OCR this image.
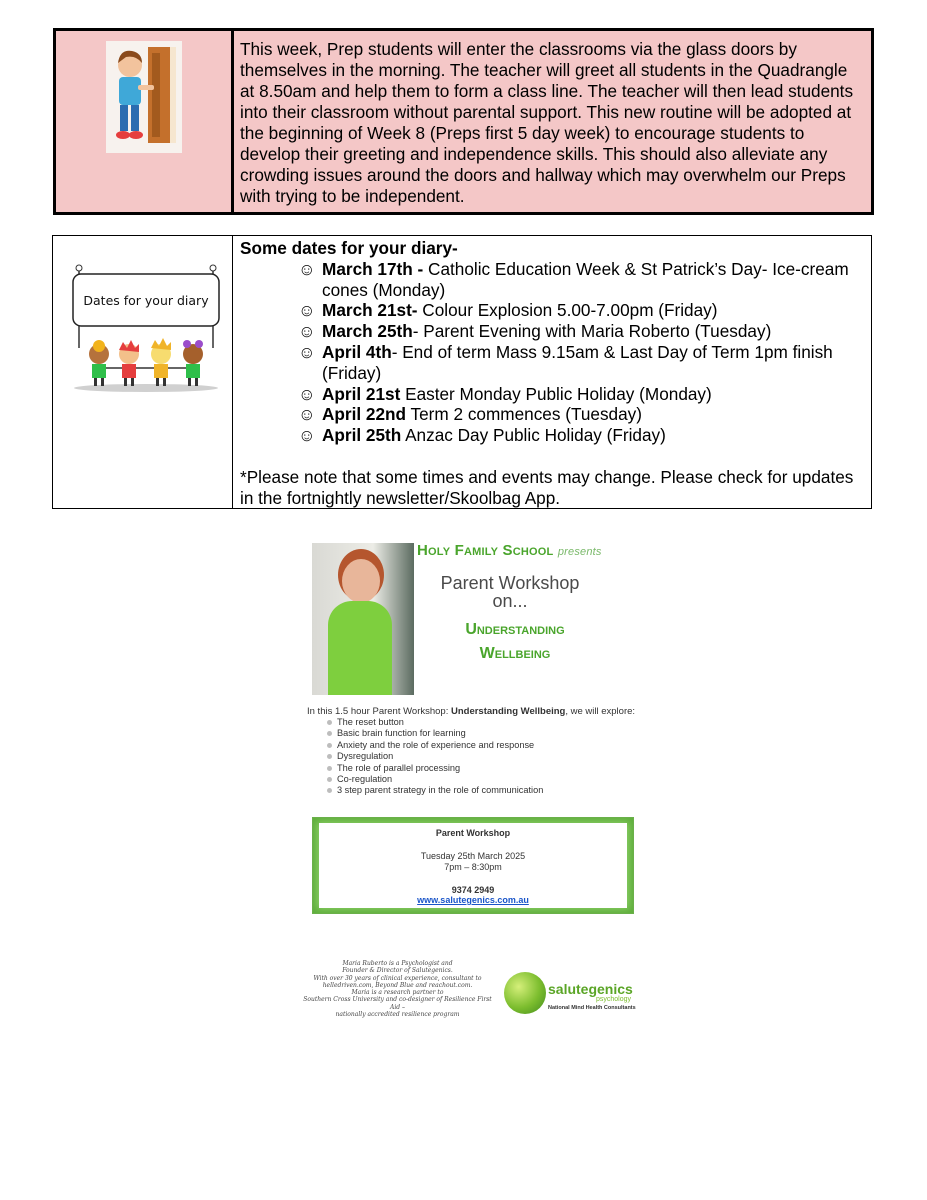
This week, Prep students will enter the classrooms via the glass doors by themselves in the morning. The teacher will greet all students in the Quadrangle at 8.50am and help them to form a class line. The teacher will then lead students into their classroom without parental support. This new routine will be adopted at the beginning of Week 8 (Preps first 5 day week) to encourage students to develop their greeting and independence skills. This should also alleviate any crowding issues around the doors and hallway which may overwhelm our Preps with trying to be independent.
Dates for your diary
Some dates for your diary-
☺ March 17th - Catholic Education Week & St Patrick’s Day- Ice-cream cones (Monday)
☺ March 21st- Colour Explosion 5.00-7.00pm (Friday)
☺ March 25th- Parent Evening with Maria Roberto (Tuesday)
☺ April 4th- End of term Mass 9.15am & Last Day of Term 1pm finish (Friday)
☺ April 21st Easter Monday Public Holiday (Monday)
☺ April 22nd Term 2 commences (Tuesday)
☺ April 25th Anzac Day Public Holiday (Friday)
*Please note that some times and events may change. Please check for updates in the fortnightly newsletter/Skoolbag App.
Holy Family School presents
Parent Workshop
on...
Understanding
Wellbeing
In this 1.5 hour Parent Workshop: Understanding Wellbeing, we will explore:
The reset button
Basic brain function for learning
Anxiety and the role of experience and response
Dysregulation
The role of parallel processing
Co-regulation
3 step parent strategy in the role of communication
Parent Workshop
Tuesday 25th March 2025
7pm – 8:30pm
9374 2949
www.salutegenics.com.au
Maria Ruberto is a Psychologist and
Founder & Director of Salutegenics.
With over 30 years of clinical experience, consultant to
helledriven.com, Beyond Blue and reachout.com.
Maria is a research partner to
Southern Cross University and co-designer of Resilience First Aid –
nationally accredited resilience program
salutegenics
psychology
National Mind Health Consultants
